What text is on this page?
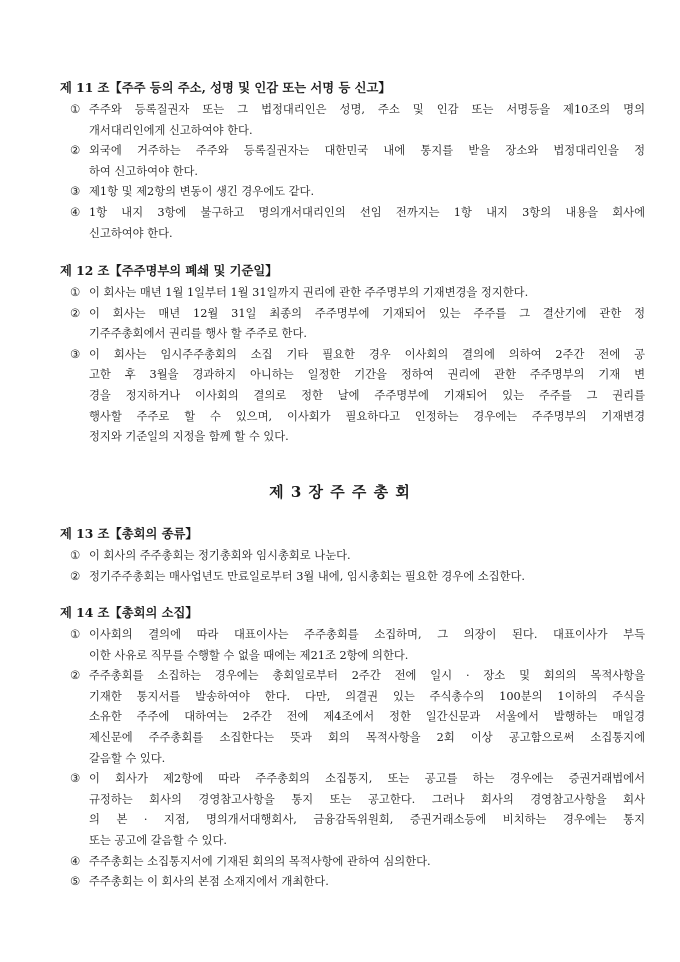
제 11 조【주주 등의 주소, 성명 및 인감 또는 서명 등 신고】
① 주주와 등록질권자 또는 그 법정대리인은 성명, 주소 및 인감 또는 서명등을 제10조의 명의
개서대리인에게 신고하여야 한다.
② 외국에 거주하는 주주와 등록질권자는 대한민국 내에 통지를 받을 장소와 법정대리인을 정
하여 신고하여야 한다.
③ 제1항 및 제2항의 변동이 생긴 경우에도 같다.
④ 1항 내지 3항에 불구하고 명의개서대리인의 선임 전까지는 1항 내지 3항의 내용을 회사에
신고하여야 한다.
제 12 조【주주명부의 폐쇄 및 기준일】
① 이 회사는 매년 1월 1일부터 1월 31일까지 권리에 관한 주주명부의 기재변경을 정지한다.
② 이 회사는 매년 12월 31일 최종의 주주명부에 기재되어 있는 주주를 그 결산기에 관한 정
기주주총회에서 권리를 행사 할 주주로 한다.
③ 이 회사는 임시주주총회의 소집 기타 필요한 경우 이사회의 결의에 의하여 2주간 전에 공
고한 후 3월을 경과하지 아니하는 일정한 기간을 정하여 권리에 관한 주주명부의 기재 변
경을 정지하거나 이사회의 결의로 정한 날에 주주명부에 기재되어 있는 주주를 그 권리를
행사할 주주로 할 수 있으며, 이사회가 필요하다고 인정하는 경우에는 주주명부의 기재변경
정지와 기준일의 지정을 함께 할 수 있다.
제 3 장 주 주 총 회
제 13 조【총회의 종류】
① 이 회사의 주주총회는 정기총회와 임시총회로 나눈다.
② 정기주주총회는 매사업년도 만료일로부터 3월 내에, 임시총회는 필요한 경우에 소집한다.
제 14 조【총회의 소집】
① 이사회의 결의에 따라 대표이사는 주주총회를 소집하며, 그 의장이 된다. 대표이사가 부득
이한 사유로 직무를 수행할 수 없을 때에는 제21조 2항에 의한다.
② 주주총회를 소집하는 경우에는 총회일로부터 2주간 전에 일시 · 장소 및 회의의 목적사항을
기재한 통지서를 발송하여야 한다. 다만, 의결권 있는 주식총수의 100분의 1이하의 주식을
소유한 주주에 대하여는 2주간 전에 제4조에서 정한 일간신문과 서울에서 발행하는 매일경
제신문에 주주총회를 소집한다는 뜻과 회의 목적사항을 2회 이상 공고함으로써 소집통지에
갈음할 수 있다.
③ 이 회사가 제2항에 따라 주주총회의 소집통지, 또는 공고를 하는 경우에는 증권거래법에서
규정하는 회사의 경영참고사항을 통지 또는 공고한다. 그러나 회사의 경영참고사항을 회사
의 본 · 지점, 명의개서대행회사, 금융감독위원회, 증권거래소등에 비치하는 경우에는 통지
또는 공고에 갈음할 수 있다.
④ 주주총회는 소집통지서에 기재된 회의의 목적사항에 관하여 심의한다.
⑤ 주주총회는 이 회사의 본점 소재지에서 개최한다.
